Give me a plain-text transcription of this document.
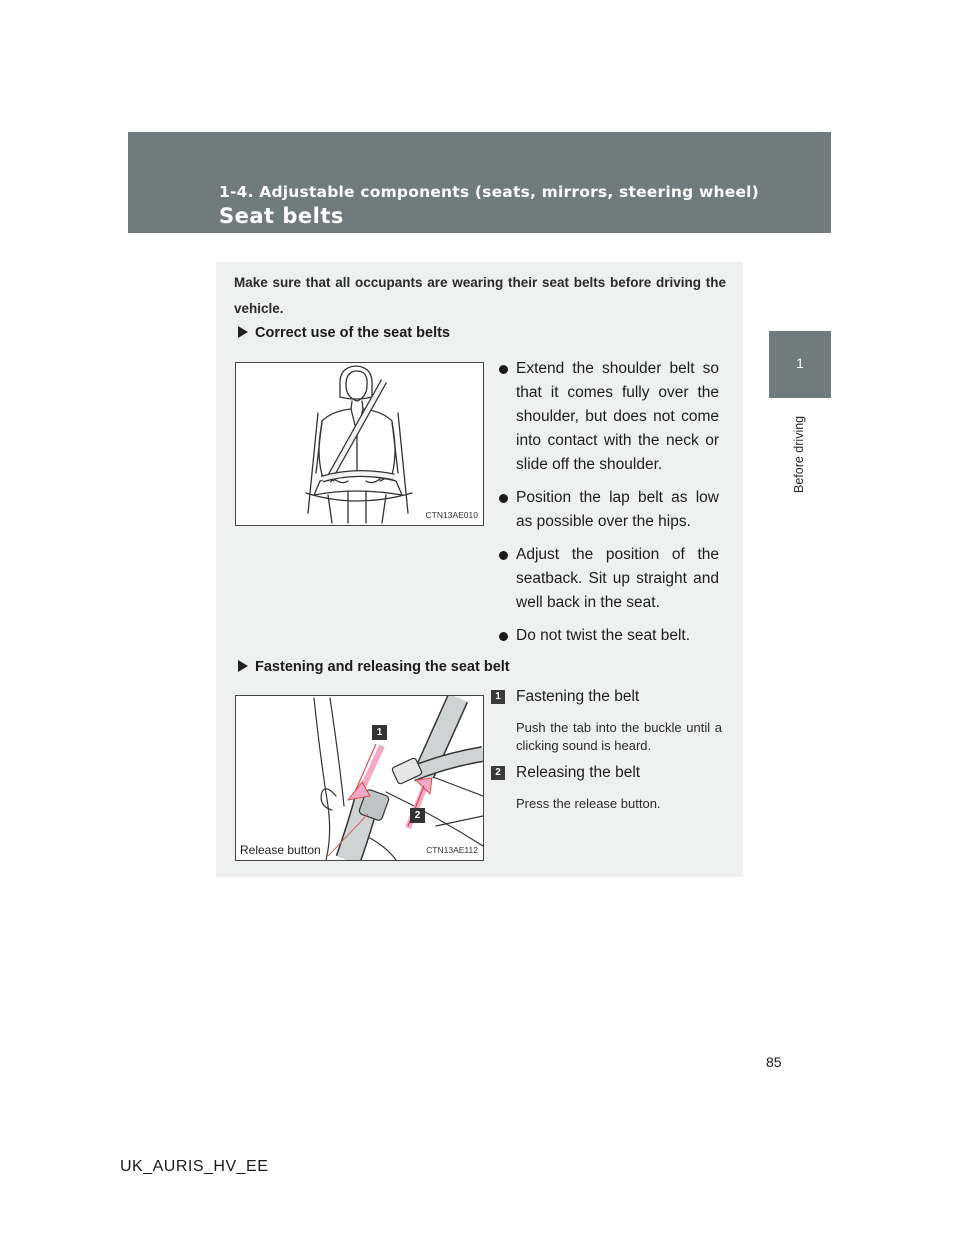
1-4. Adjustable components (seats, mirrors, steering wheel)
Seat belts
1
Before driving
Make sure that all occupants are wearing their seat belts before driving the vehicle.
Correct use of the seat belts
CTN13AE010
Extend the shoulder belt so that it comes fully over the shoulder, but does not come into contact with the neck or slide off the shoulder.
Position the lap belt as low as possible over the hips.
Adjust the position of the seatback. Sit up straight and well back in the seat.
Do not twist the seat belt.
Fastening and releasing the seat belt
1
2
Release button	CTN13AE112
1 Fastening the belt
Push the tab into the buckle until a clicking sound is heard.
2 Releasing the belt
Press the release button.
85
UK_AURIS_HV_EE
